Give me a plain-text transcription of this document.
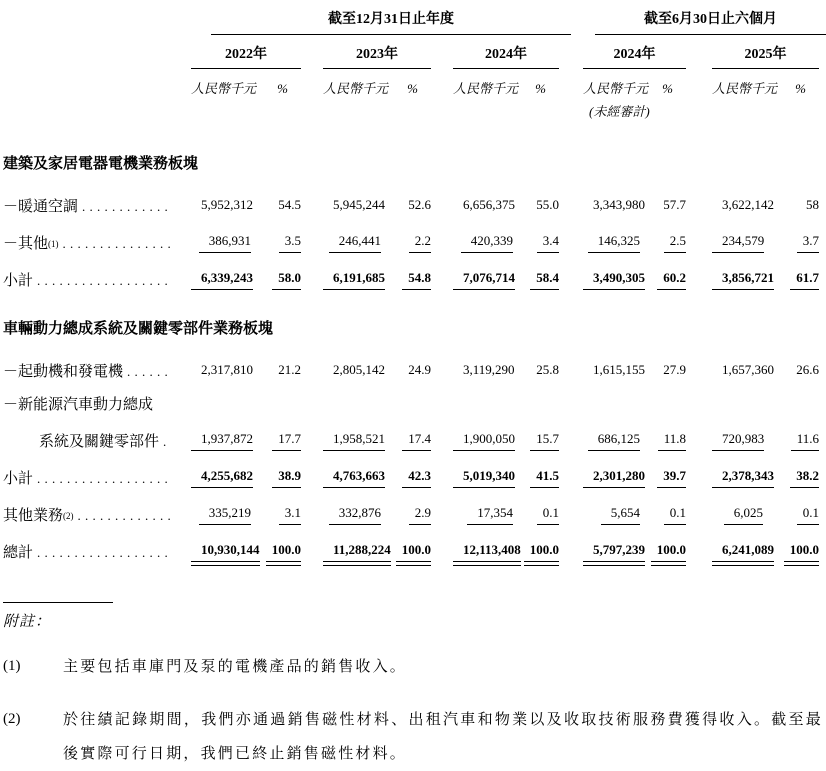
截至12月31日止年度	截至6月30日止六個月
2022年	2023年	2024年	2024年	2025年
人民幣千元 %	人民幣千元 %	人民幣千元 %	人民幣千元 %	人民幣千元 %
(未經審計)
建築及家居電器電機業務板塊
－暖通空調 . . .	5,952,312	54.5	5,945,244	52.6	6,656,375	55.0	3,343,980	57.7	3,622,142	58
－其他 (1) . . .	386,931	3.5	246,441	2.2	420,339	3.4	146,325	2.5	234,579	3.7
小計 . . .	6,339,243	58.0	6,191,685	54.8	7,076,714	58.4	3,490,305	60.2	3,856,721	61.7
車輛動力總成系統及關鍵零部件業務板塊
－起動機和發電機 . . .	2,317,810	21.2	2,805,142	24.9	3,119,290	25.8	1,615,155	27.9	1,657,360	26.6
－新能源汽車動力總成
系統及關鍵零部件 . . .	1,937,872	17.7	1,958,521	17.4	1,900,050	15.7	686,125	11.8	720,983	11.6
小計 . . .	4,255,682	38.9	4,763,663	42.3	5,019,340	41.5	2,301,280	39.7	2,378,343	38.2
其他業務 (2) . . .	335,219	3.1	332,876	2.9	17,354	0.1	5,654	0.1	6,025	0.1
總計 . . .	10,930,144 100.0	11,288,224 100.0	12,113,408 100.0	5,797,239 100.0	6,241,089	100.0
附註：
(1)	主要包括車庫門及泵的電機產品的銷售收入。
(2)	於往績記錄期間，我們亦通過銷售磁性材料、出租汽車和物業以及收取技術服務費獲得收入。截至最後實際可行日期，我們已終止銷售磁性材料。
